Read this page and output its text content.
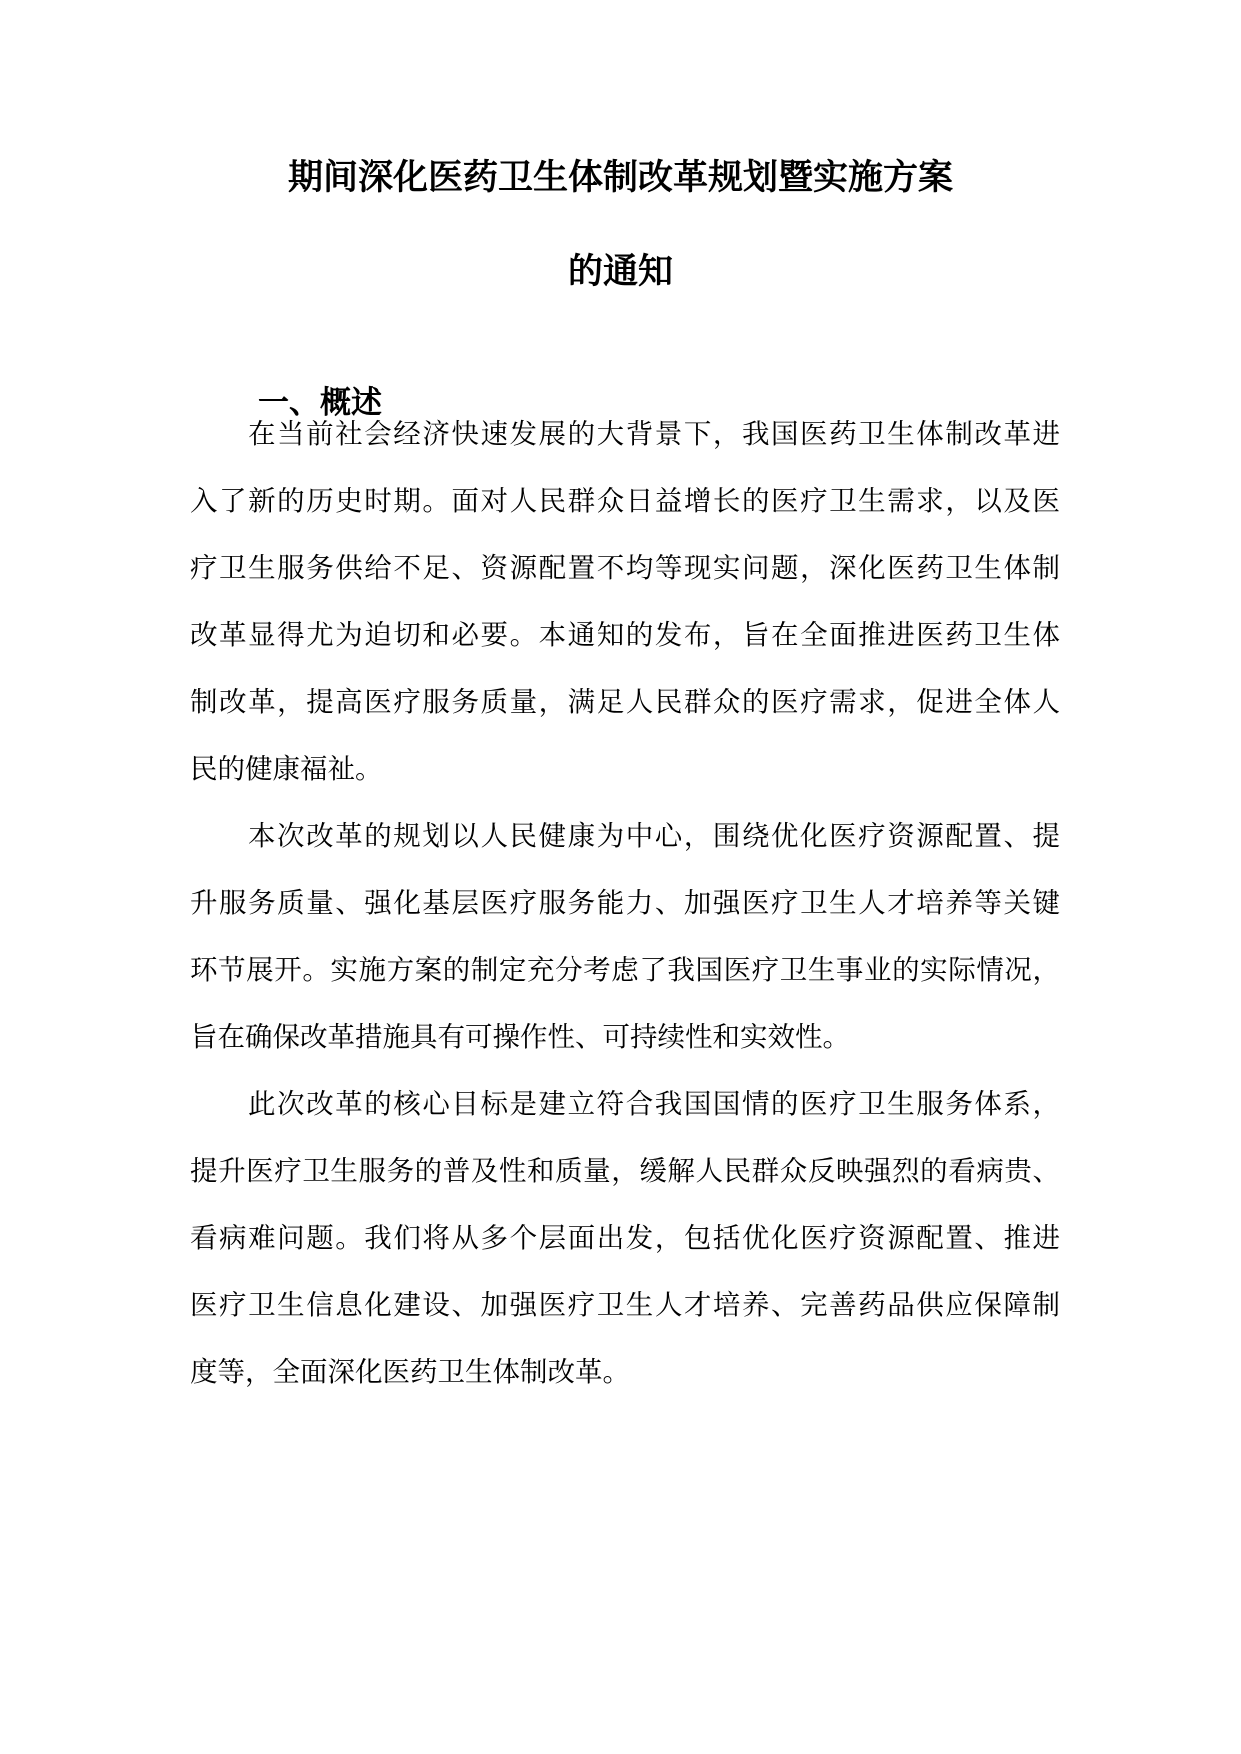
期间深化医药卫生体制改革规划暨实施方案
的通知
一、概述
在当前社会经济快速发展的大背景下，我国医药卫生体制改革进
入了新的历史时期。面对人民群众日益增长的医疗卫生需求，以及医
疗卫生服务供给不足、资源配置不均等现实问题，深化医药卫生体制
改革显得尤为迫切和必要。本通知的发布，旨在全面推进医药卫生体
制改革，提高医疗服务质量，满足人民群众的医疗需求，促进全体人
民的健康福祉。
本次改革的规划以人民健康为中心，围绕优化医疗资源配置、提
升服务质量、强化基层医疗服务能力、加强医疗卫生人才培养等关键
环节展开。实施方案的制定充分考虑了我国医疗卫生事业的实际情况，
旨在确保改革措施具有可操作性、可持续性和实效性。
此次改革的核心目标是建立符合我国国情的医疗卫生服务体系，
提升医疗卫生服务的普及性和质量，缓解人民群众反映强烈的看病贵、
看病难问题。我们将从多个层面出发，包括优化医疗资源配置、推进
医疗卫生信息化建设、加强医疗卫生人才培养、完善药品供应保障制
度等，全面深化医药卫生体制改革。
